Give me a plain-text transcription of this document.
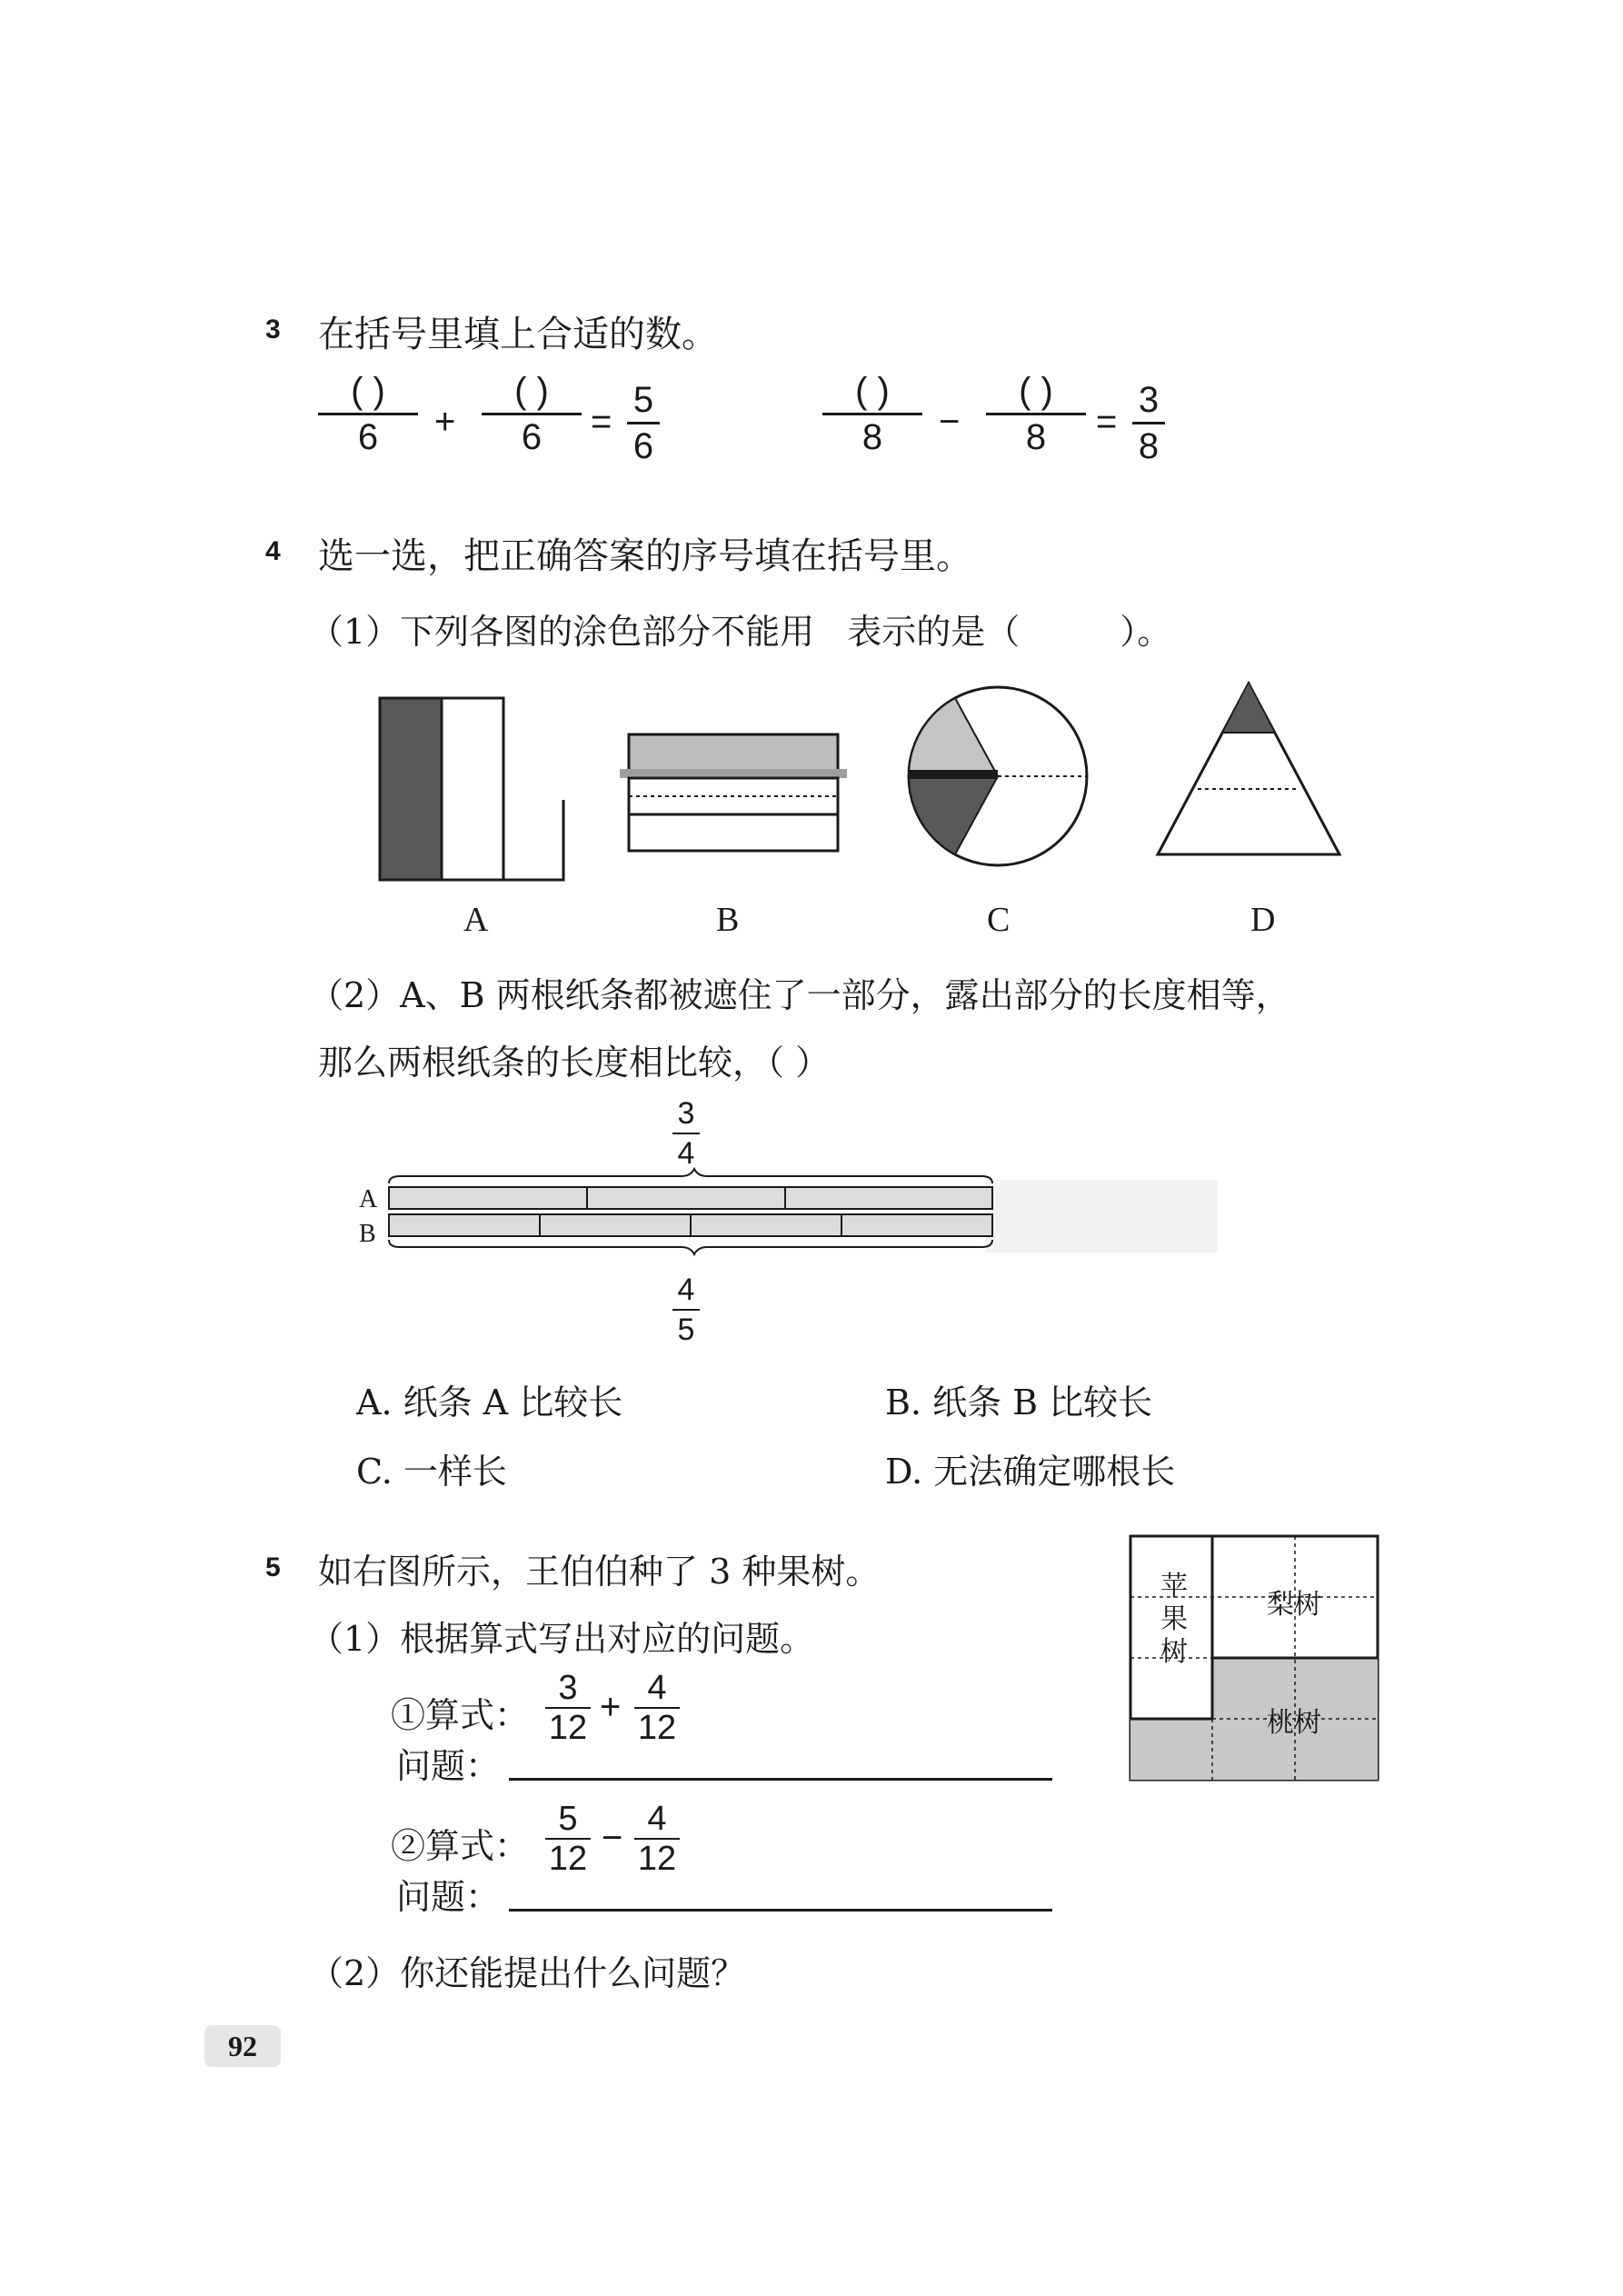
3 在括号里填上合适的数。
( )
6	+
( )
6	=
5
6
( )
8	−
( )
8	=
3
8
4 选一选，把正确答案的序号填在括号里。
（1）下列各图的涂色部分不能用 表示的是（	）。
A	B	C	D
（2）A、B 两根纸条都被遮住了一部分，露出部分的长度相等，
那么两根纸条的长度相比较，（ ）
3
4
A
B
4
5
A. 纸条 A 比较长	B. 纸条 B 比较长
C. 一样长	D. 无法确定哪根长
5 如右图所示，王伯伯种了 3 种果树。
（1）根据算式写出对应的问题。
①算式：
3
12
+ 4
12
问题：
②算式：
5
12
− 4
12
问题：
（2）你还能提出什么问题？
苹
果
树
梨树
桃树
92
